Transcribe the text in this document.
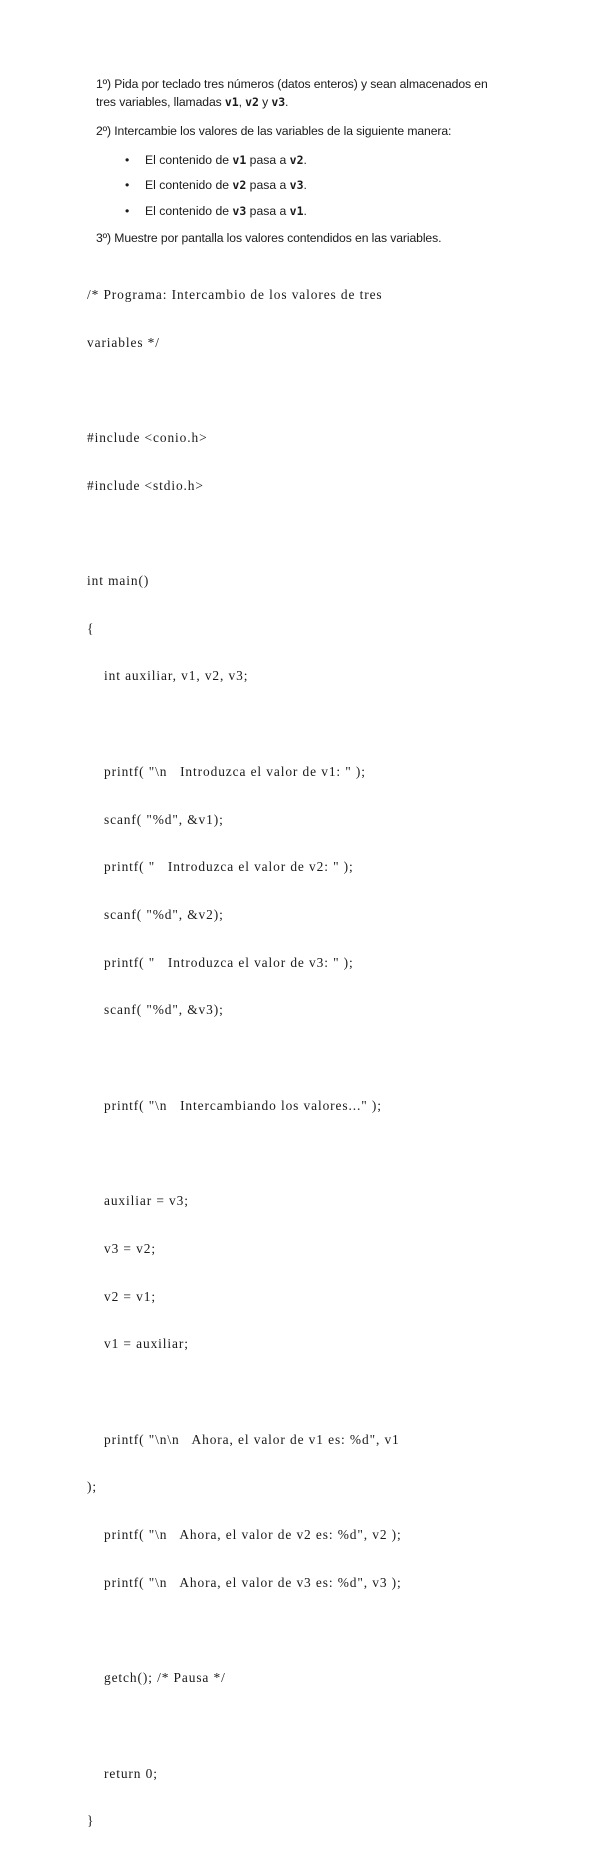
1º) Pida por teclado tres números (datos enteros) y sean almacenados en
tres variables, llamadas v1, v2 y v3.
2º) Intercambie los valores de las variables de la siguiente manera:
• El contenido de v1 pasa a v2.
• El contenido de v2 pasa a v3.
• El contenido de v3 pasa a v1.
3º) Muestre por pantalla los valores contendidos en las variables.

/* Programa: Intercambio de los valores de tres

variables */

#include <conio.h>

#include <stdio.h>

int main()

{

int auxiliar, v1, v2, v3;

printf( "\n   Introduzca el valor de v1: " );

scanf( "%d", &v1);

printf( "   Introduzca el valor de v2: " );

scanf( "%d", &v2);

printf( "   Introduzca el valor de v3: " );

scanf( "%d", &v3);

printf( "\n   Intercambiando los valores..." );

auxiliar = v3;

v3 = v2;

v2 = v1;

v1 = auxiliar;

printf( "\n\n   Ahora, el valor de v1 es: %d", v1

);

printf( "\n   Ahora, el valor de v2 es: %d", v2 );

printf( "\n   Ahora, el valor de v3 es: %d", v3 );

getch(); /* Pausa */

return 0;

}
